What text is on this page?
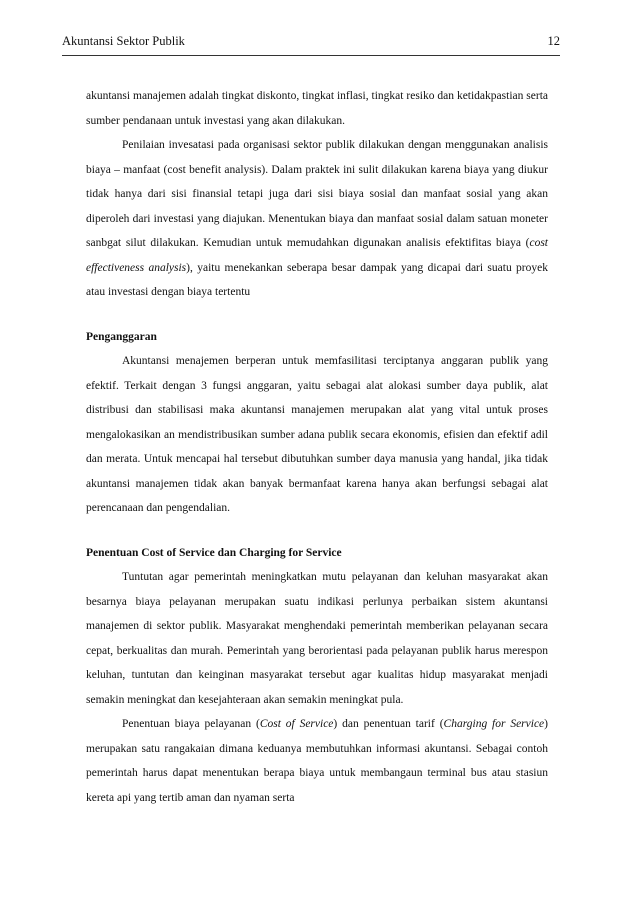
Akuntansi Sektor Publik	12

akuntansi manajemen adalah tingkat diskonto, tingkat inflasi, tingkat resiko dan ketidakpastian serta sumber pendanaan untuk investasi yang akan dilakukan.

Penilaian invesatasi pada organisasi sektor publik dilakukan dengan menggunakan analisis biaya – manfaat (cost benefit analysis). Dalam praktek ini sulit dilakukan karena biaya yang diukur tidak hanya dari sisi finansial tetapi juga dari sisi biaya sosial dan manfaat sosial yang akan diperoleh dari investasi yang diajukan. Menentukan biaya dan manfaat sosial dalam satuan moneter sanbgat silut dilakukan. Kemudian untuk memudahkan digunakan analisis efektifitas biaya (cost effectiveness analysis), yaitu menekankan seberapa besar dampak yang dicapai dari suatu proyek atau investasi dengan biaya tertentu

Penganggaran

Akuntansi menajemen berperan untuk memfasilitasi terciptanya anggaran publik yang efektif. Terkait dengan 3 fungsi anggaran, yaitu sebagai alat alokasi sumber daya publik, alat distribusi dan stabilisasi maka akuntansi manajemen merupakan alat yang vital untuk proses mengalokasikan an mendistribusikan sumber adana publik secara ekonomis, efisien dan efektif adil dan merata. Untuk mencapai hal tersebut dibutuhkan sumber daya manusia yang handal, jika tidak akuntansi manajemen tidak akan banyak bermanfaat karena hanya akan berfungsi sebagai alat perencanaan dan pengendalian.

Penentuan Cost of Service dan Charging for Service

Tuntutan agar pemerintah meningkatkan mutu pelayanan dan keluhan masyarakat akan besarnya biaya pelayanan merupakan suatu indikasi perlunya perbaikan sistem akuntansi manajemen di sektor publik. Masyarakat menghendaki pemerintah memberikan pelayanan secara cepat, berkualitas dan murah. Pemerintah yang berorientasi pada pelayanan publik harus merespon keluhan, tuntutan dan keinginan masyarakat tersebut agar kualitas hidup masyarakat menjadi semakin meningkat dan kesejahteraan akan semakin meningkat pula.

Penentuan biaya pelayanan (Cost of Service) dan penentuan tarif (Charging for Service) merupakan satu rangakaian dimana keduanya membutuhkan informasi akuntansi. Sebagai contoh pemerintah harus dapat menentukan berapa biaya untuk membangaun terminal bus atau stasiun kereta api yang tertib aman dan nyaman serta
